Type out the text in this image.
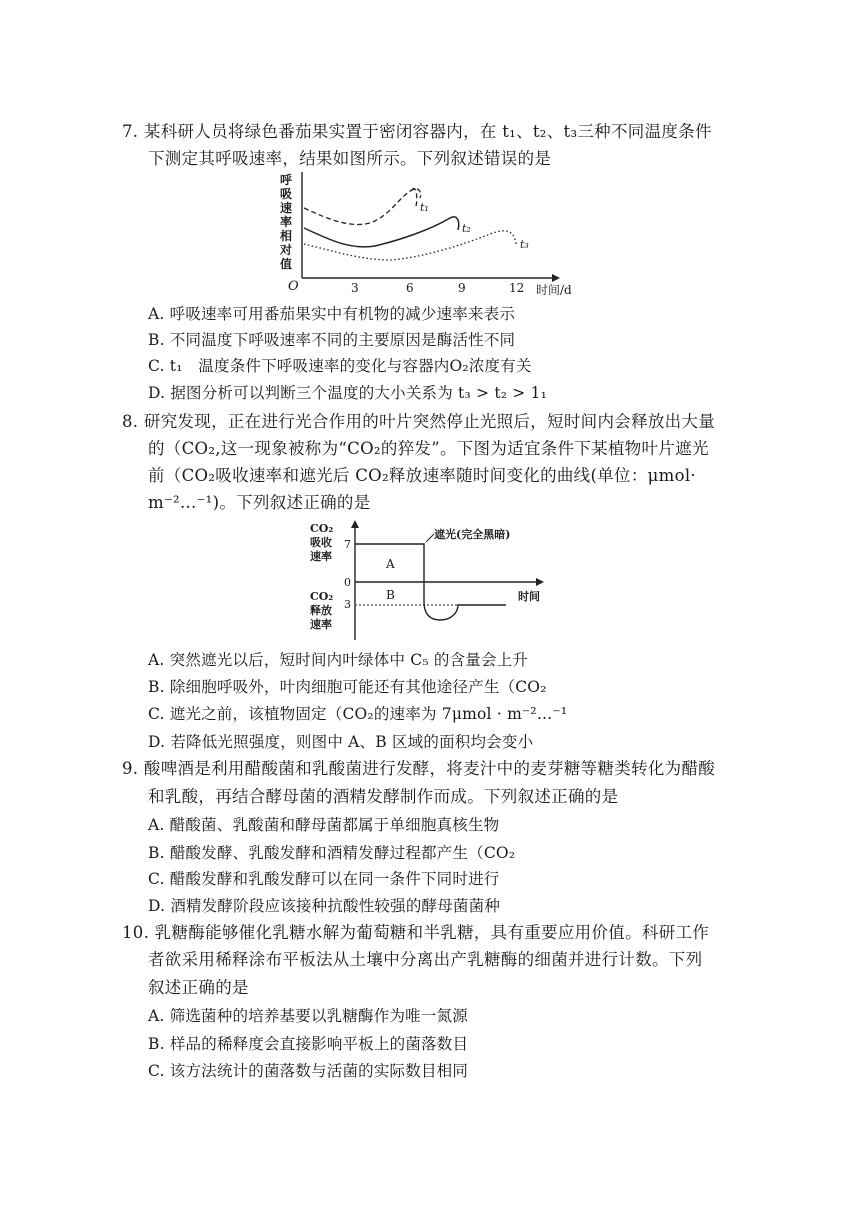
7. 某科研人员将绿色番茄果实置于密闭容器内，在 t₁、t₂、t₃三种不同温度条件
下测定其呼吸速率，结果如图所示。下列叙述错误的是
呼
吸
速
率
相
对
值
O	3	6	9	12 时间/d
t₁
t₂
t₃
A. 呼吸速率可用番茄果实中有机物的减少速率来表示
B. 不同温度下呼吸速率不同的主要原因是酶活性不同
C. t₁　温度条件下呼吸速率的变化与容器内O₂浓度有关
D. 据图分析可以判断三个温度的大小关系为 t₃ > t₂ > 1₁
8. 研究发现，正在进行光合作用的叶片突然停止光照后，短时间内会释放出大量
的（CO₂,这一现象被称为“CO₂的猝发”。下图为适宜条件下某植物叶片遮光
前（CO₂吸收速率和遮光后 CO₂释放速率随时间变化的曲线(单位：μmol·
m⁻²…⁻¹)。下列叙述正确的是
CO₂
吸收
速率
CO₂
释放
速率
7
0
3
A
B	时间
遮光(完全黑暗)
A. 突然遮光以后，短时间内叶绿体中 C₅ 的含量会上升
B. 除细胞呼吸外，叶肉细胞可能还有其他途径产生（CO₂
C. 遮光之前，该植物固定（CO₂的速率为 7μmol · m⁻²…⁻¹
D. 若降低光照强度，则图中 A、B 区域的面积均会变小
9. 酸啤酒是利用醋酸菌和乳酸菌进行发酵，将麦汁中的麦芽糖等糖类转化为醋酸
和乳酸，再结合酵母菌的酒精发酵制作而成。下列叙述正确的是
A. 醋酸菌、乳酸菌和酵母菌都属于单细胞真核生物
B. 醋酸发酵、乳酸发酵和酒精发酵过程都产生（CO₂
C. 醋酸发酵和乳酸发酵可以在同一条件下同时进行
D. 酒精发酵阶段应该接种抗酸性较强的酵母菌菌种
10. 乳糖酶能够催化乳糖水解为葡萄糖和半乳糖，具有重要应用价值。科研工作
者欲采用稀释涂布平板法从土壤中分离出产乳糖酶的细菌并进行计数。下列
叙述正确的是
A. 筛选菌种的培养基要以乳糖酶作为唯一氮源
B. 样品的稀释度会直接影响平板上的菌落数目
C. 该方法统计的菌落数与活菌的实际数目相同
